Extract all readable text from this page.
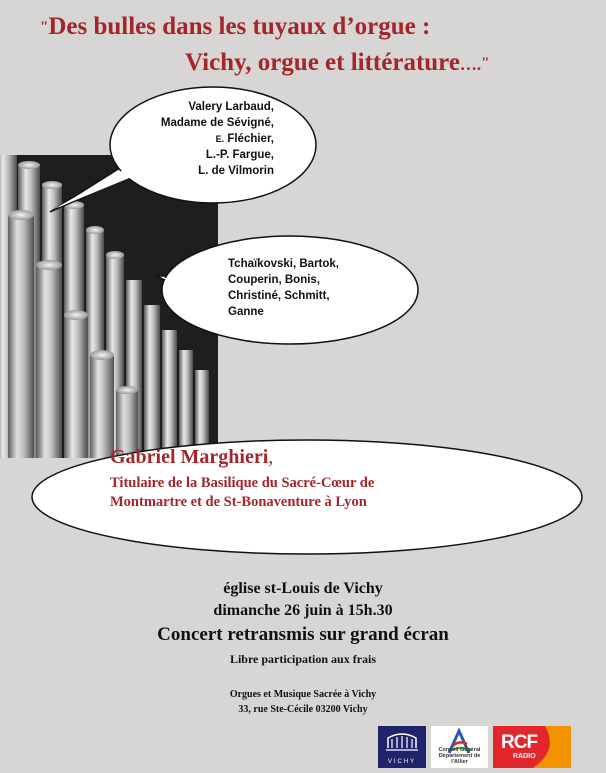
"Des bulles dans les tuyaux d’orgue :
Vichy, orgue et littérature…."
Valery Larbaud,
Madame de Sévigné,
E. Fléchier,
L.-P. Fargue,
L. de Vilmorin
Tchaïkovski, Bartok,
Couperin, Bonis,
Christiné, Schmitt,
Ganne
Gabriel Marghieri,
Titulaire de la Basilique du Sacré-Cœur de
Montmartre et de St-Bonaventure à Lyon
église st-Louis de Vichy
dimanche 26 juin à 15h.30
Concert retransmis sur grand écran
Libre participation aux frais
Orgues et Musique Sacrée à Vichy
33, rue Ste-Cécile 03200 Vichy
VICHY
Conseil Général
Département de l'Allier
RCF
RADIO
